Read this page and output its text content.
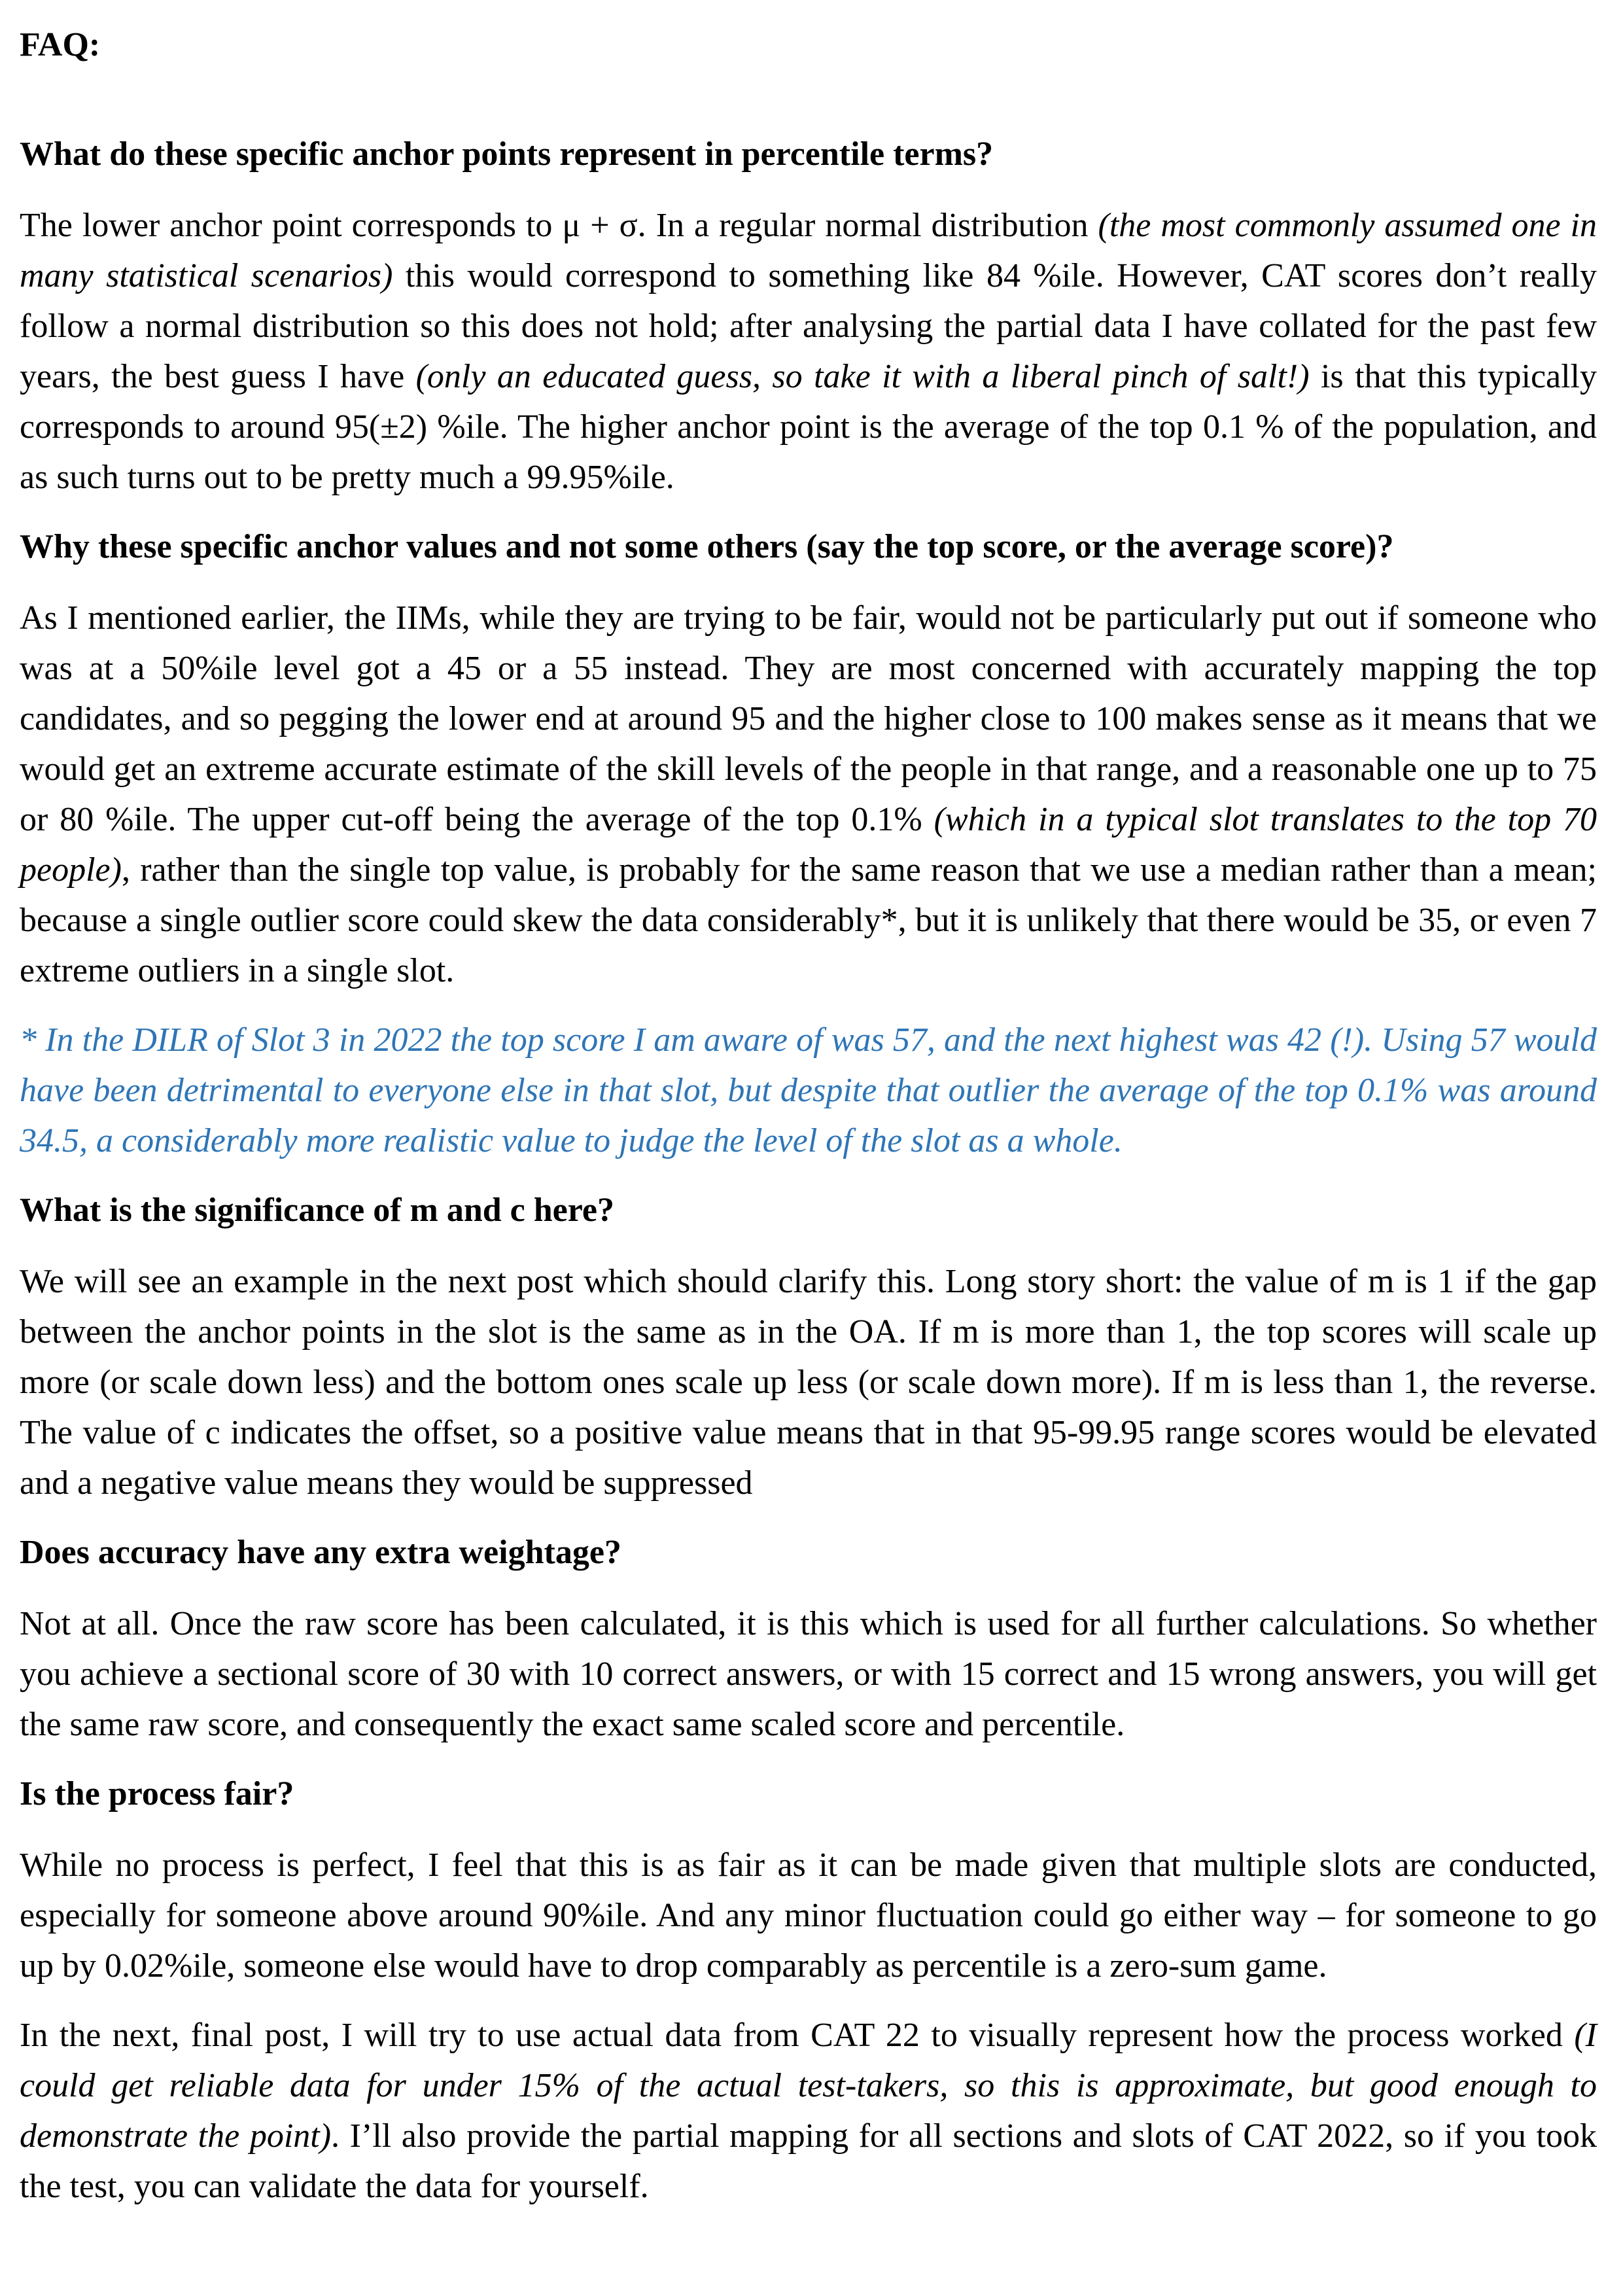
FAQ:
What do these specific anchor points represent in percentile terms?
The lower anchor point corresponds to μ + σ. In a regular normal distribution (the most commonly assumed one in many statistical scenarios) this would correspond to something like 84 %ile. However, CAT scores don’t really follow a normal distribution so this does not hold; after analysing the partial data I have collated for the past few years, the best guess I have (only an educated guess, so take it with a liberal pinch of salt!) is that this typically corresponds to around 95(±2) %ile. The higher anchor point is the average of the top 0.1 % of the population, and as such turns out to be pretty much a 99.95%ile.
Why these specific anchor values and not some others (say the top score, or the average score)?
As I mentioned earlier, the IIMs, while they are trying to be fair, would not be particularly put out if someone who was at a 50%ile level got a 45 or a 55 instead. They are most concerned with accurately mapping the top candidates, and so pegging the lower end at around 95 and the higher close to 100 makes sense as it means that we would get an extreme accurate estimate of the skill levels of the people in that range, and a reasonable one up to 75 or 80 %ile. The upper cut-off being the average of the top 0.1% (which in a typical slot translates to the top 70 people), rather than the single top value, is probably for the same reason that we use a median rather than a mean; because a single outlier score could skew the data considerably*, but it is unlikely that there would be 35, or even 7 extreme outliers in a single slot.
* In the DILR of Slot 3 in 2022 the top score I am aware of was 57, and the next highest was 42 (!). Using 57 would have been detrimental to everyone else in that slot, but despite that outlier the average of the top 0.1% was around 34.5, a considerably more realistic value to judge the level of the slot as a whole.
What is the significance of m and c here?
We will see an example in the next post which should clarify this. Long story short: the value of m is 1 if the gap between the anchor points in the slot is the same as in the OA. If m is more than 1, the top scores will scale up more (or scale down less) and the bottom ones scale up less (or scale down more). If m is less than 1, the reverse. The value of c indicates the offset, so a positive value means that in that 95-99.95 range scores would be elevated and a negative value means they would be suppressed
Does accuracy have any extra weightage?
Not at all. Once the raw score has been calculated, it is this which is used for all further calculations. So whether you achieve a sectional score of 30 with 10 correct answers, or with 15 correct and 15 wrong answers, you will get the same raw score, and consequently the exact same scaled score and percentile.
Is the process fair?
While no process is perfect, I feel that this is as fair as it can be made given that multiple slots are conducted, especially for someone above around 90%ile. And any minor fluctuation could go either way – for someone to go up by 0.02%ile, someone else would have to drop comparably as percentile is a zero-sum game.
In the next, final post, I will try to use actual data from CAT 22 to visually represent how the process worked (I could get reliable data for under 15% of the actual test-takers, so this is approximate, but good enough to demonstrate the point). I’ll also provide the partial mapping for all sections and slots of CAT 2022, so if you took the test, you can validate the data for yourself.
